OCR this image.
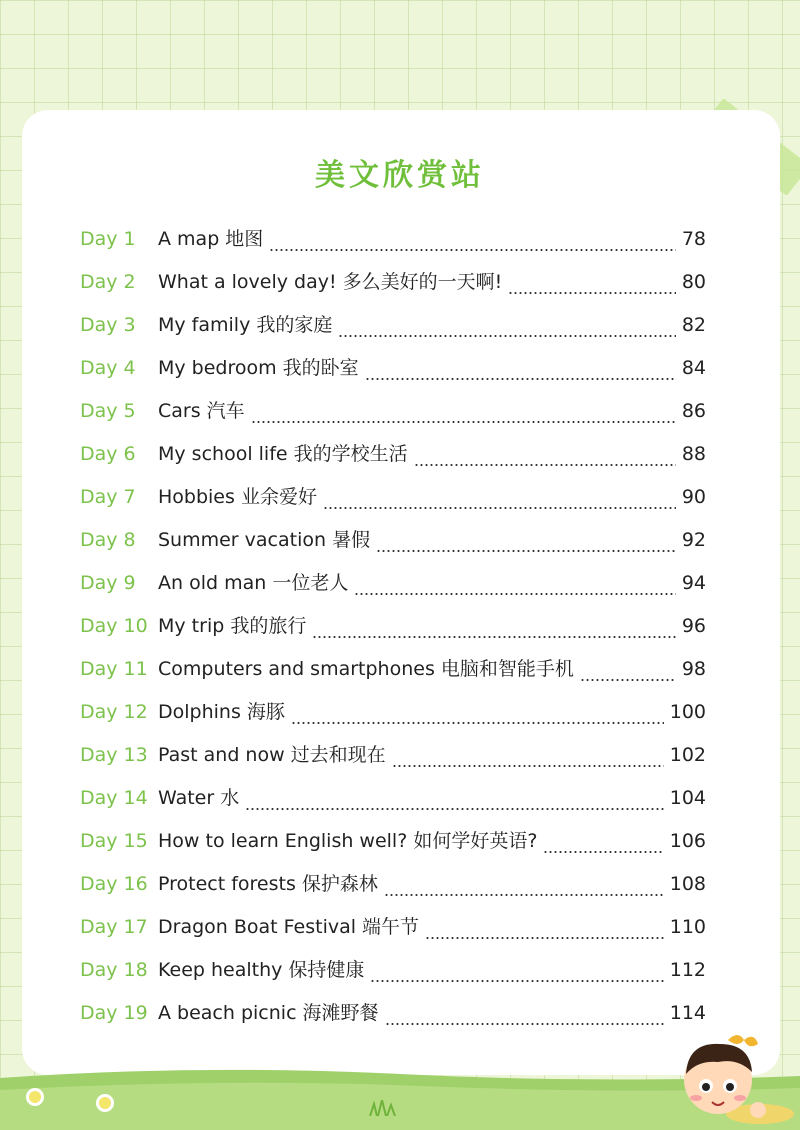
美文欣赏站
Day 1	A map 地图	78
Day 2	What a lovely day! 多么美好的一天啊!	80
Day 3	My family 我的家庭	82
Day 4	My bedroom 我的卧室	84
Day 5	Cars 汽车	86
Day 6	My school life 我的学校生活	88
Day 7	Hobbies 业余爱好	90
Day 8	Summer vacation 暑假	92
Day 9	An old man 一位老人	94
Day 10 My trip 我的旅行	96
Day 11 Computers and smartphones 电脑和智能手机	98
Day 12 Dolphins 海豚	100
Day 13 Past and now 过去和现在	102
Day 14 Water 水	104
Day 15 How to learn English well? 如何学好英语?	106
Day 16 Protect forests 保护森林	108
Day 17 Dragon Boat Festival 端午节	110
Day 18 Keep healthy 保持健康	112
Day 19 A beach picnic 海滩野餐	114
